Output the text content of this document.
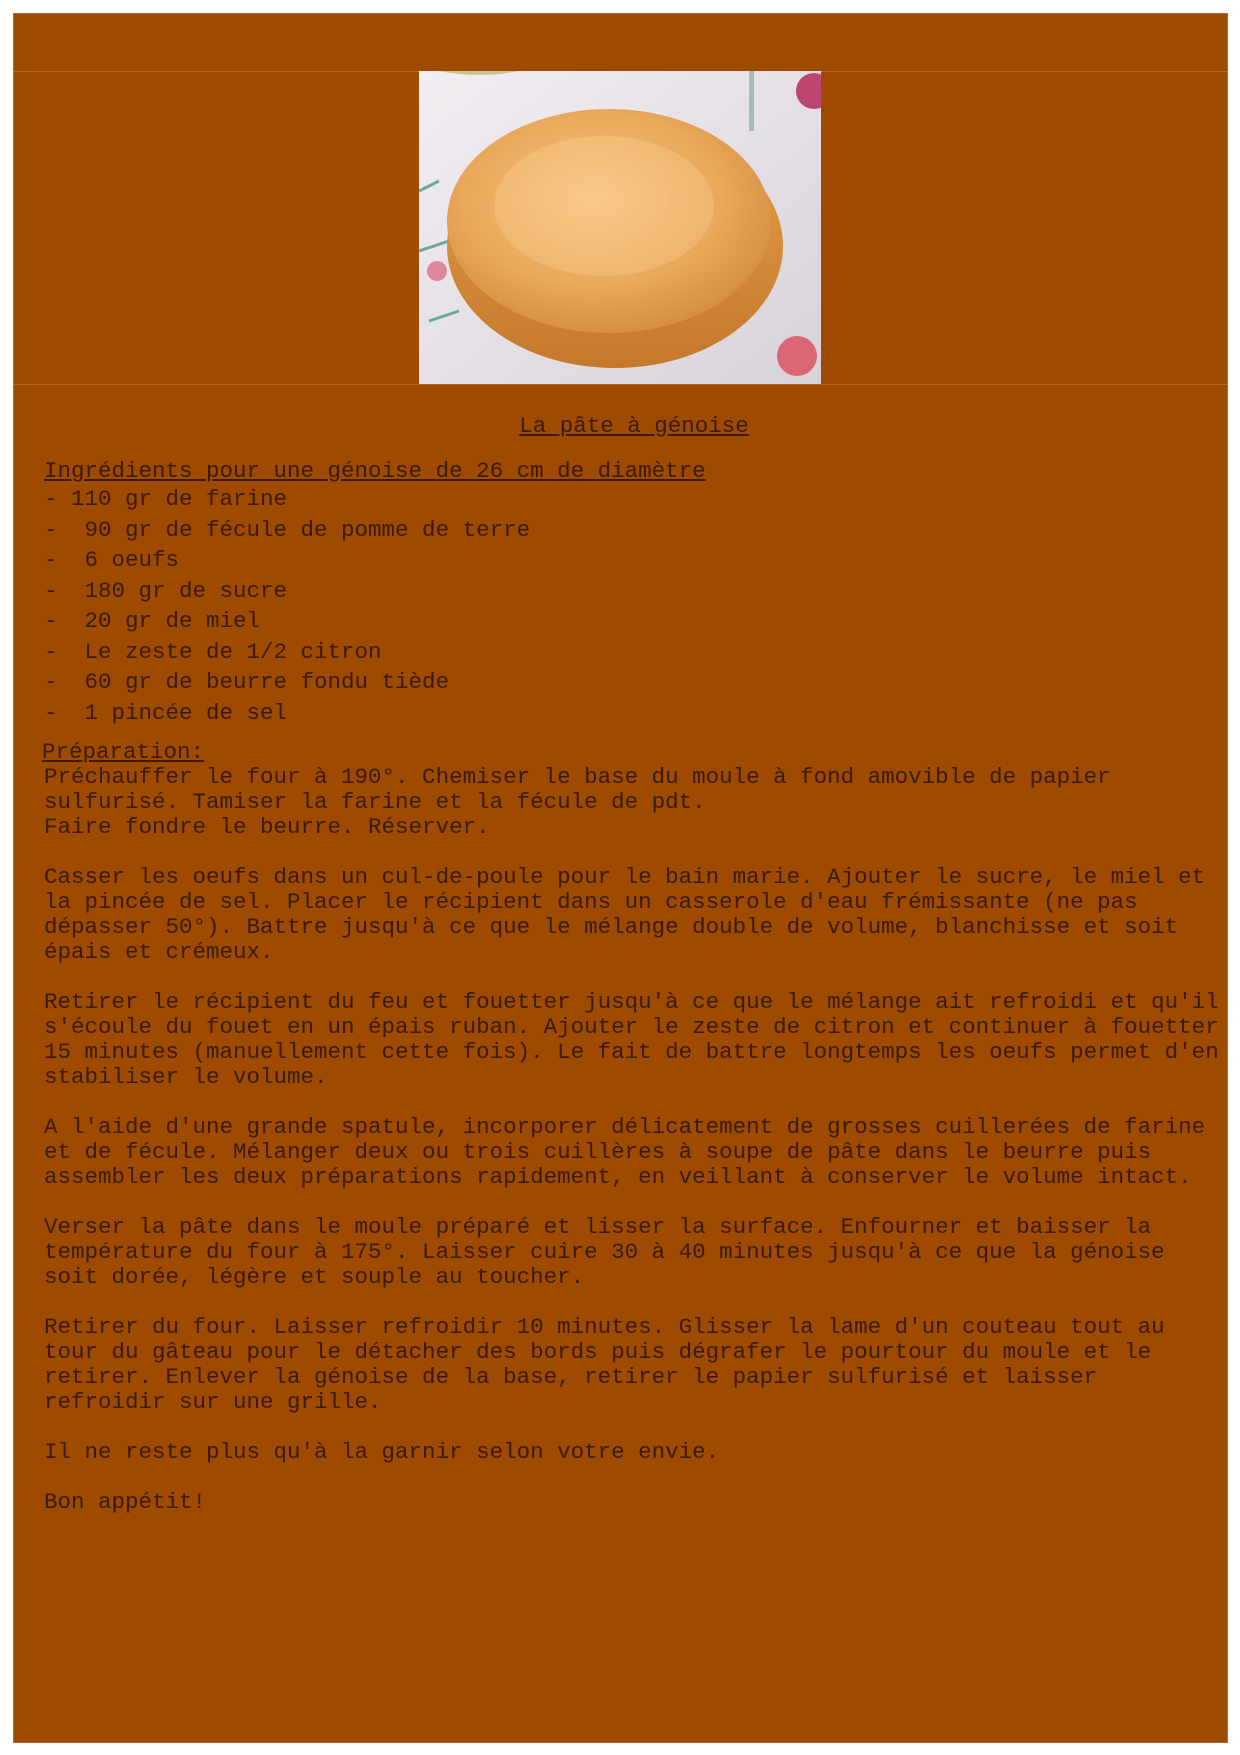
La pâte à génoise
Ingrédients pour une génoise de 26 cm de diamètre
- 110 gr de farine
-  90 gr de fécule de pomme de terre
-  6 oeufs
-  180 gr de sucre
-  20 gr de miel
-  Le zeste de 1/2 citron
-  60 gr de beurre fondu tiède
-  1 pincée de sel
Préparation:
Préchauffer le four à 190°. Chemiser le base du moule à fond amovible de papier
sulfurisé. Tamiser la farine et la fécule de pdt.
Faire fondre le beurre. Réserver.
Casser les oeufs dans un cul-de-poule pour le bain marie. Ajouter le sucre, le miel et la pincée de sel. Placer le récipient dans un casserole d'eau frémissante (ne pas dépasser 50°). Battre jusqu'à ce que le mélange double de volume, blanchisse et soit épais et crémeux.
Retirer le récipient du feu et fouetter jusqu'à ce que le mélange ait refroidi et qu'il s'écoule du fouet en un épais ruban. Ajouter le zeste de citron et continuer à fouetter 15 minutes (manuellement cette fois). Le fait de battre longtemps les oeufs permet d'en stabiliser le volume.
A l'aide d'une grande spatule, incorporer délicatement de grosses cuillerées de farine et de fécule. Mélanger deux ou trois cuillères à soupe de pâte dans le beurre puis assembler les deux préparations rapidement, en veillant à conserver le volume intact.
Verser la pâte dans le moule préparé et lisser la surface. Enfourner et baisser la température du four à 175°. Laisser cuire 30 à 40 minutes jusqu'à ce que la génoise soit dorée, légère et souple au toucher.
Retirer du four. Laisser refroidir 10 minutes. Glisser la lame d'un couteau tout au tour du gâteau pour le détacher des bords puis dégrafer le pourtour du moule et le retirer. Enlever la génoise de la base, retirer le papier sulfurisé et laisser refroidir sur une grille.
Il ne reste plus qu'à la garnir selon votre envie.
Bon appétit!
